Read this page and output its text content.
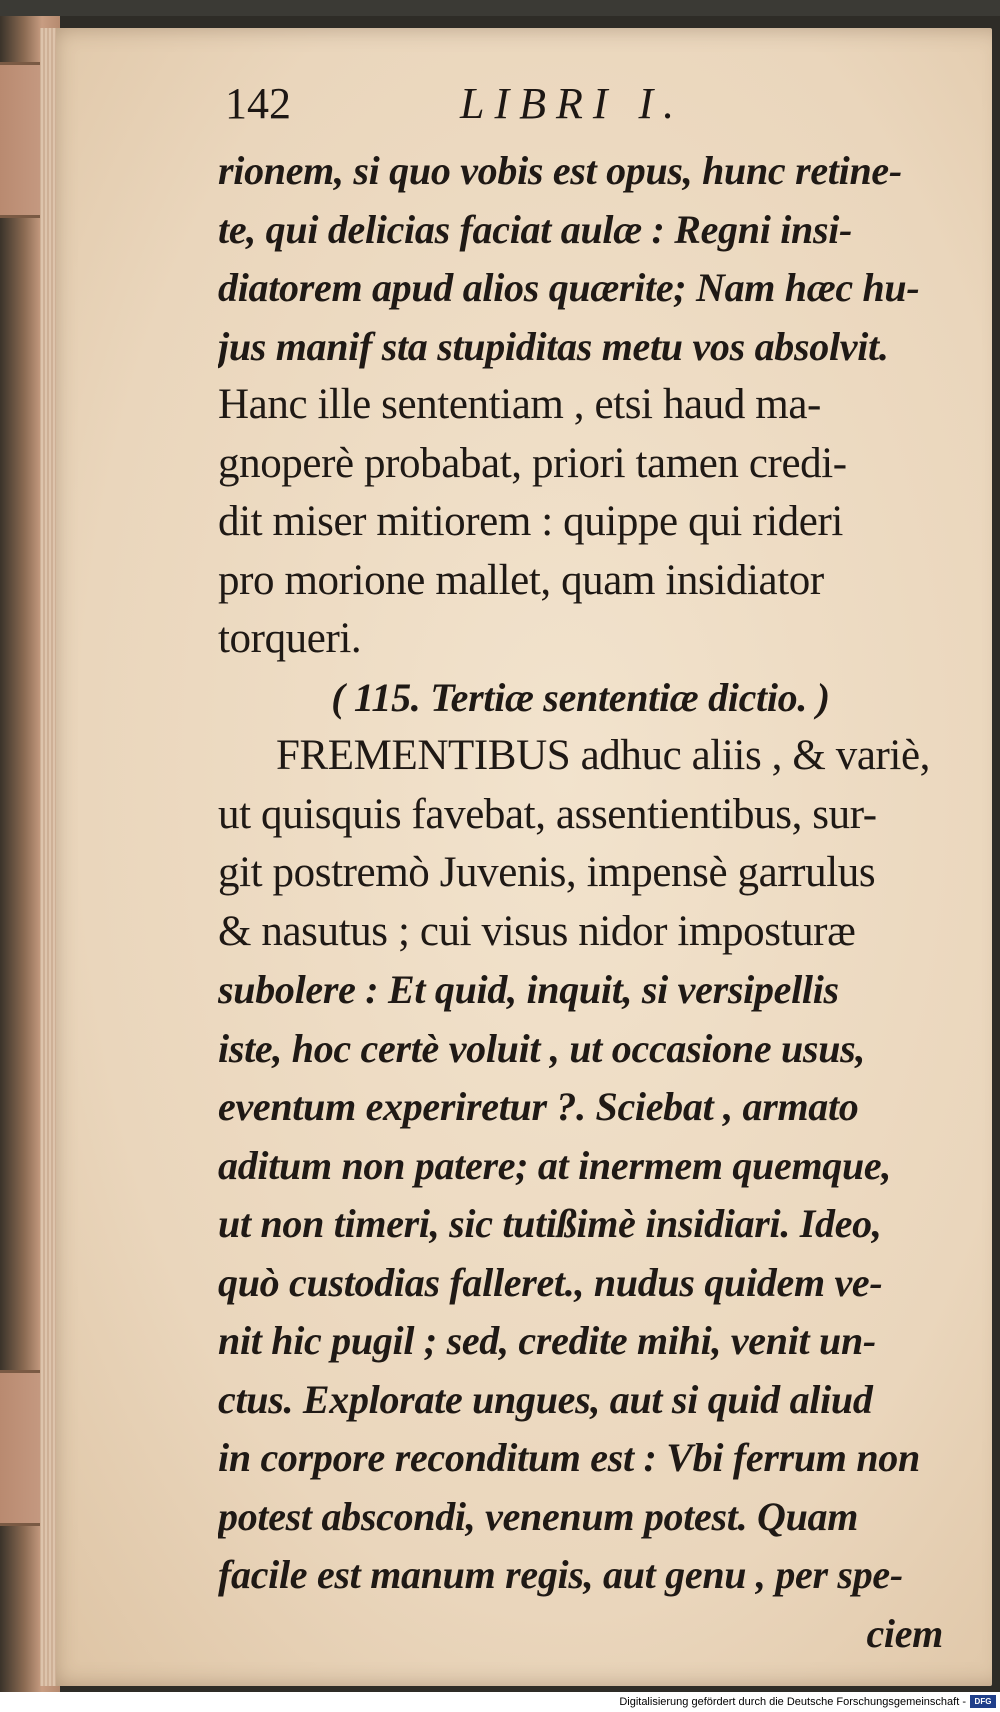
142	LIBRI I.
rionem, si quo vobis est opus, hunc retine-
te, qui delicias faciat aulæ : Regni insi-
diatorem apud alios quærite; Nam hæc hu-
jus manif sta stupiditas metu vos absolvit.
Hanc ille sententiam , etsi haud ma-
gnoperè probabat, priori tamen credi-
dit miser mitiorem : quippe qui rideri
pro morione mallet, quam insidiator
torqueri.
( 115. Tertiæ sententiæ dictio. )
FREMENTIBUS adhuc aliis , & variè,
ut quisquis favebat, assentientibus, sur-
git postremò Juvenis, impensè garrulus
& nasutus ; cui visus nidor imposturæ
subolere : Et quid, inquit, si versipellis
iste, hoc certè voluit , ut occasione usus,
eventum experiretur ?. Sciebat , armato
aditum non patere; at inermem quemque,
ut non timeri, sic tutißimè insidiari. Ideo,
quò custodias falleret., nudus quidem ve-
nit hic pugil ; sed, credite mihi, venit un-
ctus. Explorate ungues, aut si quid aliud
in corpore reconditum est : Vbi ferrum non
potest abscondi, venenum potest. Quam
facile est manum regis, aut genu , per spe-
ciem
Digitalisierung gefördert durch die Deutsche Forschungsgemeinschaft -	DFG
